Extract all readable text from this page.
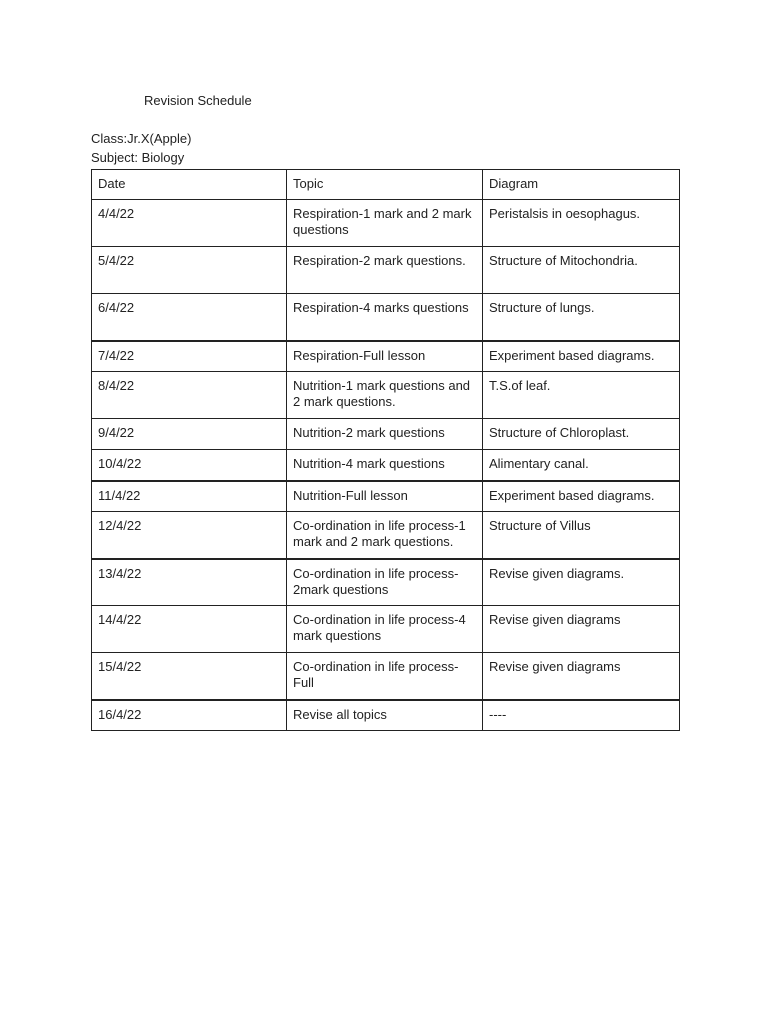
Revision Schedule
Class:Jr.X(Apple)
Subject: Biology
Date	Topic	Diagram
4/4/22	Respiration-1 mark and 2 mark questions	Peristalsis in oesophagus.
5/4/22	Respiration-2 mark questions.	Structure of Mitochondria.
6/4/22	Respiration-4 marks questions	Structure of lungs.
7/4/22	Respiration-Full lesson	Experiment based diagrams.
8/4/22	Nutrition-1 mark questions and 2 mark questions.	T.S.of leaf.
9/4/22	Nutrition-2 mark questions	Structure of Chloroplast.
10/4/22	Nutrition-4 mark questions	Alimentary canal.
11/4/22	Nutrition-Full lesson	Experiment based diagrams.
12/4/22	Co-ordination in life process-1 mark and 2 mark questions.	Structure of Villus
13/4/22	Co-ordination in life process-2mark questions	Revise given diagrams.
14/4/22	Co-ordination in life process-4 mark questions	Revise given diagrams
15/4/22	Co-ordination in life process-Full	Revise given diagrams
16/4/22	Revise all topics	----
